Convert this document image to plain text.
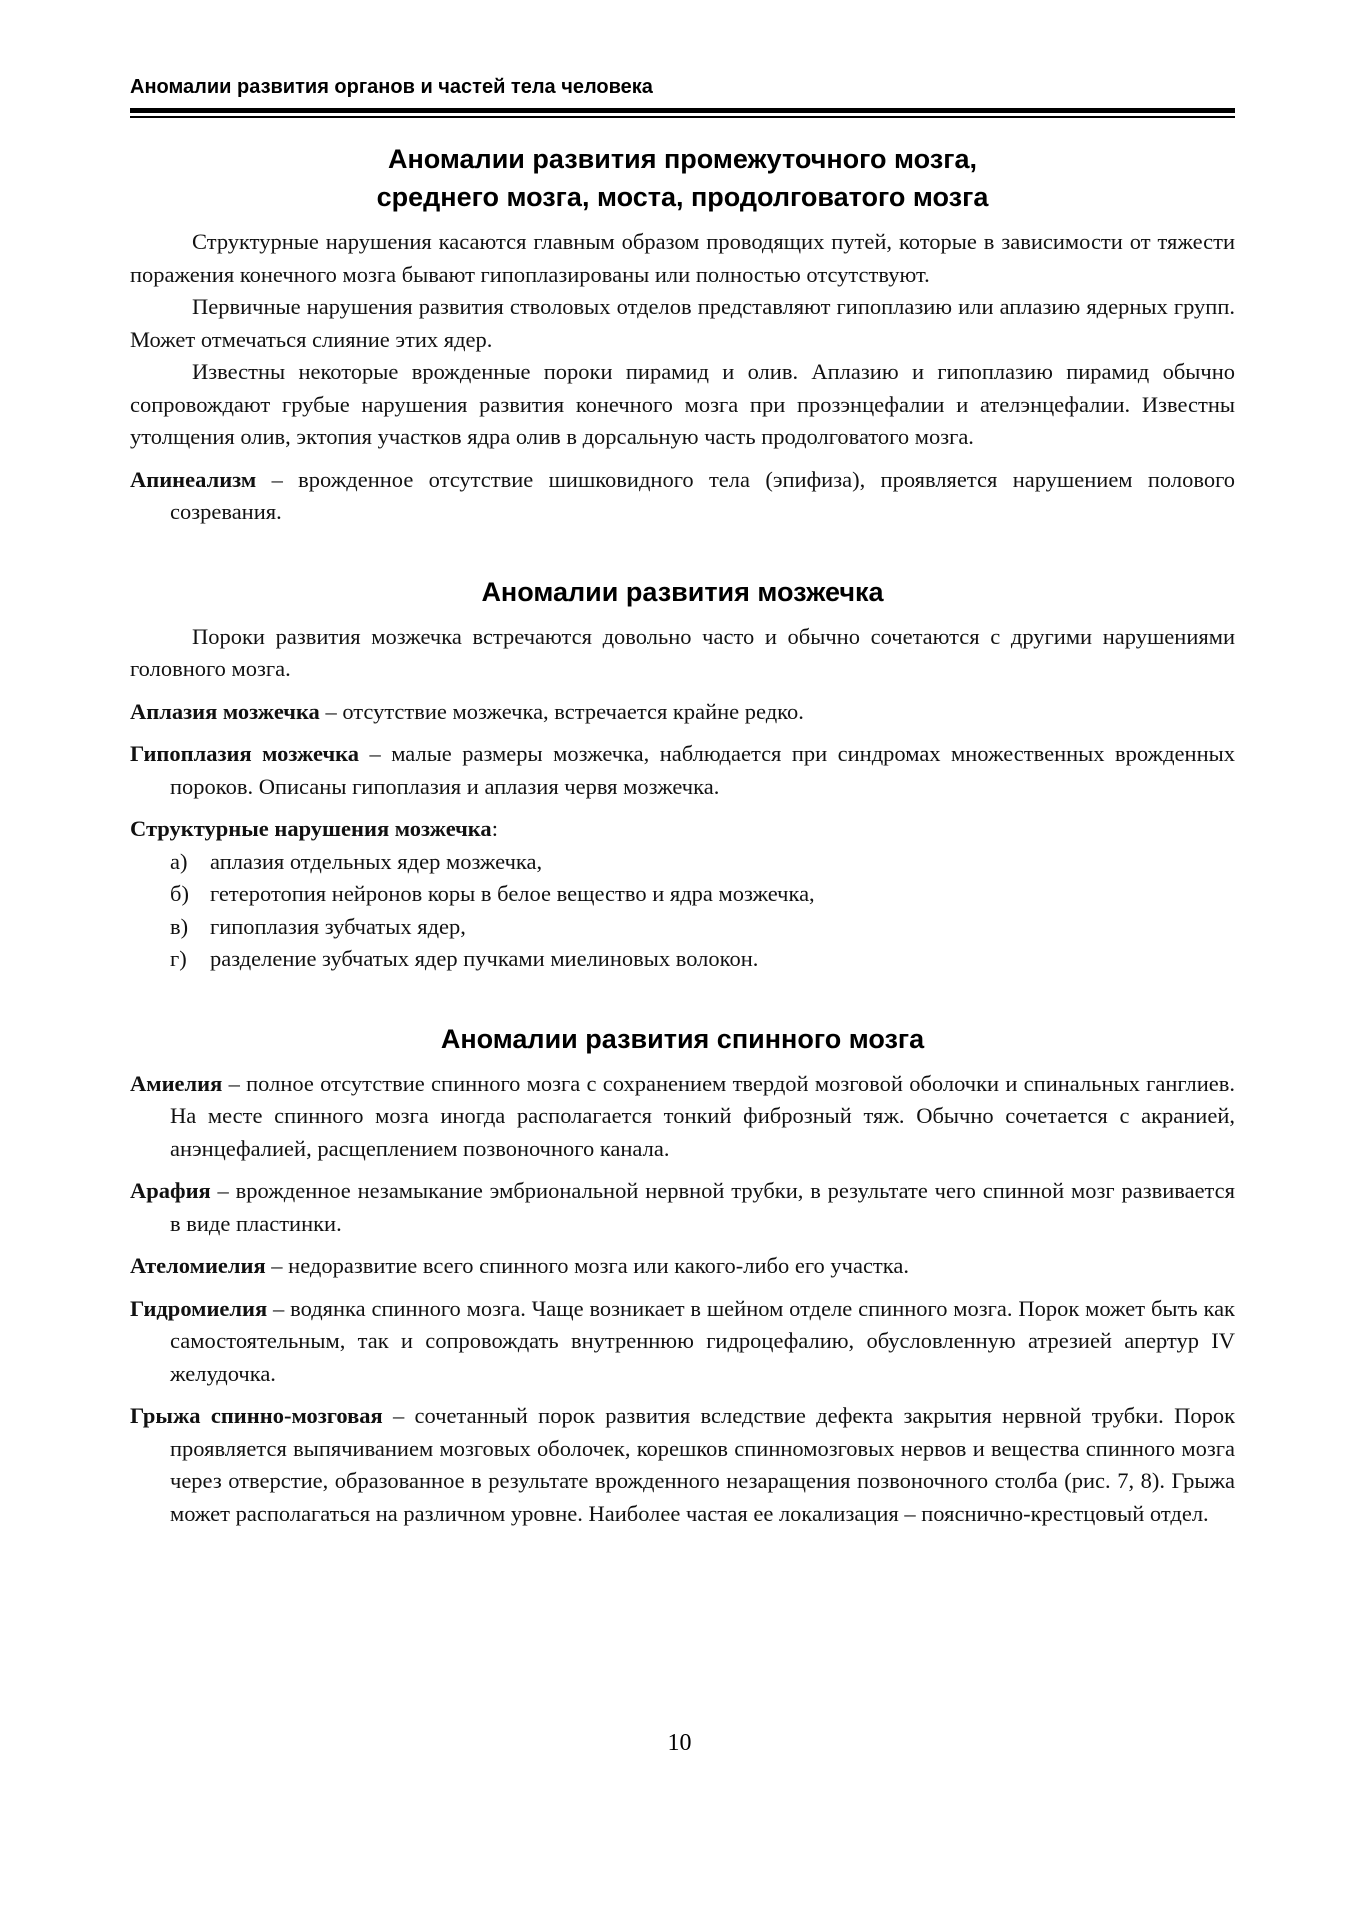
Аномалии развития органов и частей тела человека
Аномалии развития промежуточного мозга,
среднего мозга, моста, продолговатого мозга

Структурные нарушения касаются главным образом проводящих путей, которые в зависимости от тяжести поражения конечного мозга бывают гипоплазированы или полностью отсутствуют.

Первичные нарушения развития стволовых отделов представляют гипоплазию или аплазию ядерных групп. Может отмечаться слияние этих ядер.

Известны некоторые врожденные пороки пирамид и олив. Аплазию и гипоплазию пирамид обычно сопровождают грубые нарушения развития конечного мозга при прозэнцефалии и ателэнцефалии. Известны утолщения олив, эктопия участков ядра олив в дорсальную часть продолговатого мозга.

Апинеализм – врожденное отсутствие шишковидного тела (эпифиза), проявляется нарушением полового созревания.

Аномалии развития мозжечка

Пороки развития мозжечка встречаются довольно часто и обычно сочетаются с другими нарушениями головного мозга.

Аплазия мозжечка – отсутствие мозжечка, встречается крайне редко.

Гипоплазия мозжечка – малые размеры мозжечка, наблюдается при синдромах множественных врожденных пороков. Описаны гипоплазия и аплазия червя мозжечка.

Структурные нарушения мозжечка:

а) аплазия отдельных ядер мозжечка,
б) гетеротопия нейронов коры в белое вещество и ядра мозжечка,
в) гипоплазия зубчатых ядер,
г) разделение зубчатых ядер пучками миелиновых волокон.
Аномалии развития спинного мозга

Амиелия – полное отсутствие спинного мозга с сохранением твердой мозговой оболочки и спинальных ганглиев. На месте спинного мозга иногда располагается тонкий фиброзный тяж. Обычно сочетается с акранией, анэнцефалией, расщеплением позвоночного канала.

Арафия – врожденное незамыкание эмбриональной нервной трубки, в результате чего спинной мозг развивается в виде пластинки.

Ателомиелия – недоразвитие всего спинного мозга или какого-либо его участка.

Гидромиелия – водянка спинного мозга. Чаще возникает в шейном отделе спинного мозга. Порок может быть как самостоятельным, так и сопровождать внутреннюю гидроцефалию, обусловленную атрезией апертур IV желудочка.

Грыжа спинно-мозговая – сочетанный порок развития вследствие дефекта закрытия нервной трубки. Порок проявляется выпячиванием мозговых оболочек, корешков спинномозговых нервов и вещества спинного мозга через отверстие, образованное в результате врожденного незаращения позвоночного столба (рис. 7, 8). Грыжа может располагаться на различном уровне. Наиболее частая ее локализация – пояснично-крестцовый отдел.

10
